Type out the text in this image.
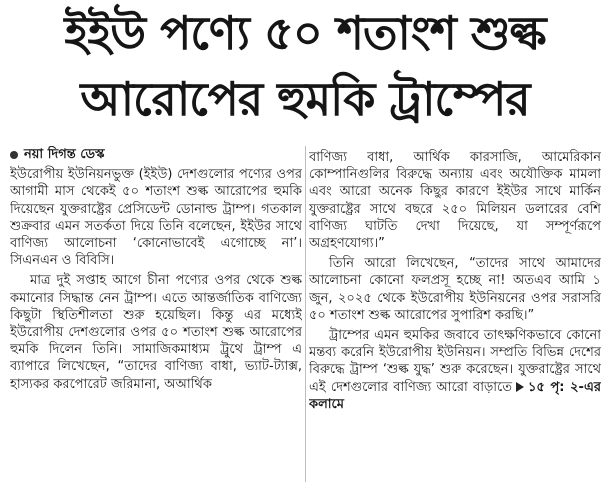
ইইউ পণ্যে ৫০ শতাংশ শুল্ক
আরোপের হুমকি ট্রাম্পের
নয়া দিগন্ত ডেস্ক

ইউরোপীয় ইউনিয়নভুক্ত (ইইউ) দেশগুলোর পণ্যের ওপর আগামী মাস থেকেই ৫০ শতাংশ শুল্ক আরোপের হুমকি দিয়েছেন যুক্তরাষ্ট্রের প্রেসিডেন্ট ডোনাল্ড ট্রাম্প। গতকাল শুক্রবার এমন সতর্কতা দিয়ে তিনি বলেছেন, ইইউর সাথে বাণিজ্য আলোচনা ‘কোনোভাবেই এগোচ্ছে না’। সিএনএন ও বিবিসি।

মাত্র দুই সপ্তাহ আগে চীনা পণ্যের ওপর থেকে শুল্ক কমানোর সিদ্ধান্ত নেন ট্রাম্প। এতে আন্তর্জাতিক বাণিজ্যে কিছুটা স্থিতিশীলতা শুরু হয়েছিল। কিন্তু এর মধ্যেই ইউরোপীয় দেশগুলোর ওপর ৫০ শতাংশ শুল্ক আরোপের হুমকি দিলেন তিনি। সামাজিকমাধ্যম ট্রুথে ট্রাম্প এ ব্যাপারে লিখেছেন, “তাদের বাণিজ্য বাধা, ভ্যাট-ট্যাক্স, হাস্যকর করপোরেট জরিমানা, অআর্থিক

বাণিজ্য বাধা, আর্থিক কারসাজি, আমেরিকান কোম্পানিগুলির বিরুদ্ধে অন্যায় এবং অযৌক্তিক মামলা এবং আরো অনেক কিছুর কারণে ইইউর সাথে মার্কিন যুক্তরাষ্ট্রের সাথে বছরে ২৫০ মিলিয়ন ডলারের বেশি বাণিজ্য ঘাটতি দেখা দিয়েছে, যা সম্পূর্ণরূপে অগ্রহণযোগ্য।”

তিনি আরো লিখেছেন, “তাদের সাথে আমাদের আলোচনা কোনো ফলপ্রসূ হচ্ছে না! অতএব আমি ১ জুন, ২০২৫ থেকে ইউরোপীয় ইউনিয়নের ওপর সরাসরি ৫০ শতাংশ শুল্ক আরোপের সুপারিশ করছি।”

ট্রাম্পের এমন হুমকির জবাবে তাৎক্ষণিকভাবে কোনো মন্তব্য করেনি ইউরোপীয় ইউনিয়ন। সম্প্রতি বিভিন্ন দেশের বিরুদ্ধে ট্রাম্প ‘শুল্ক যুদ্ধ’ শুরু করেছেন। যুক্তরাষ্ট্রের সাথে এই দেশগুলোর বাণিজ্য আরো বাড়াতে ১৫ পৃ: ২-এর কলামে
